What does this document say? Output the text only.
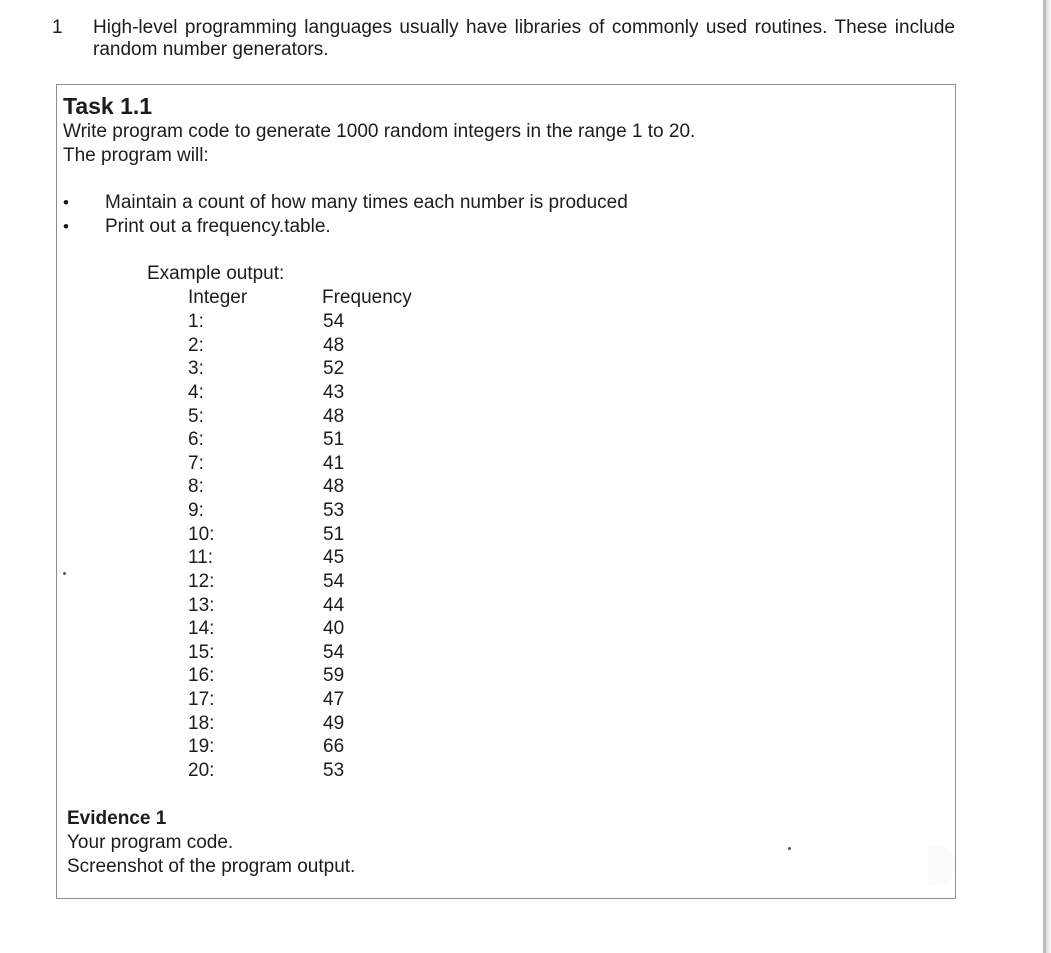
1 High-level programming languages usually have libraries of commonly used routines. These include random number generators.
Task 1.1
Write program code to generate 1000 random integers in the range 1 to 20.
The program will:
• Maintain a count of how many times each number is produced
• Print out a frequency.table.
Example output:
Integer	Frequency
1:	54
2:	48
3:	52
4:	43
5:	48
6:	51
7:	41
8:	48
9:	53
10:	51
11:	45
12:	54
13:	44
14:	40
15:	54
16:	59
17:	47
18:	49
19:	66
20:	53
Evidence 1
Your program code.
Screenshot of the program output.
